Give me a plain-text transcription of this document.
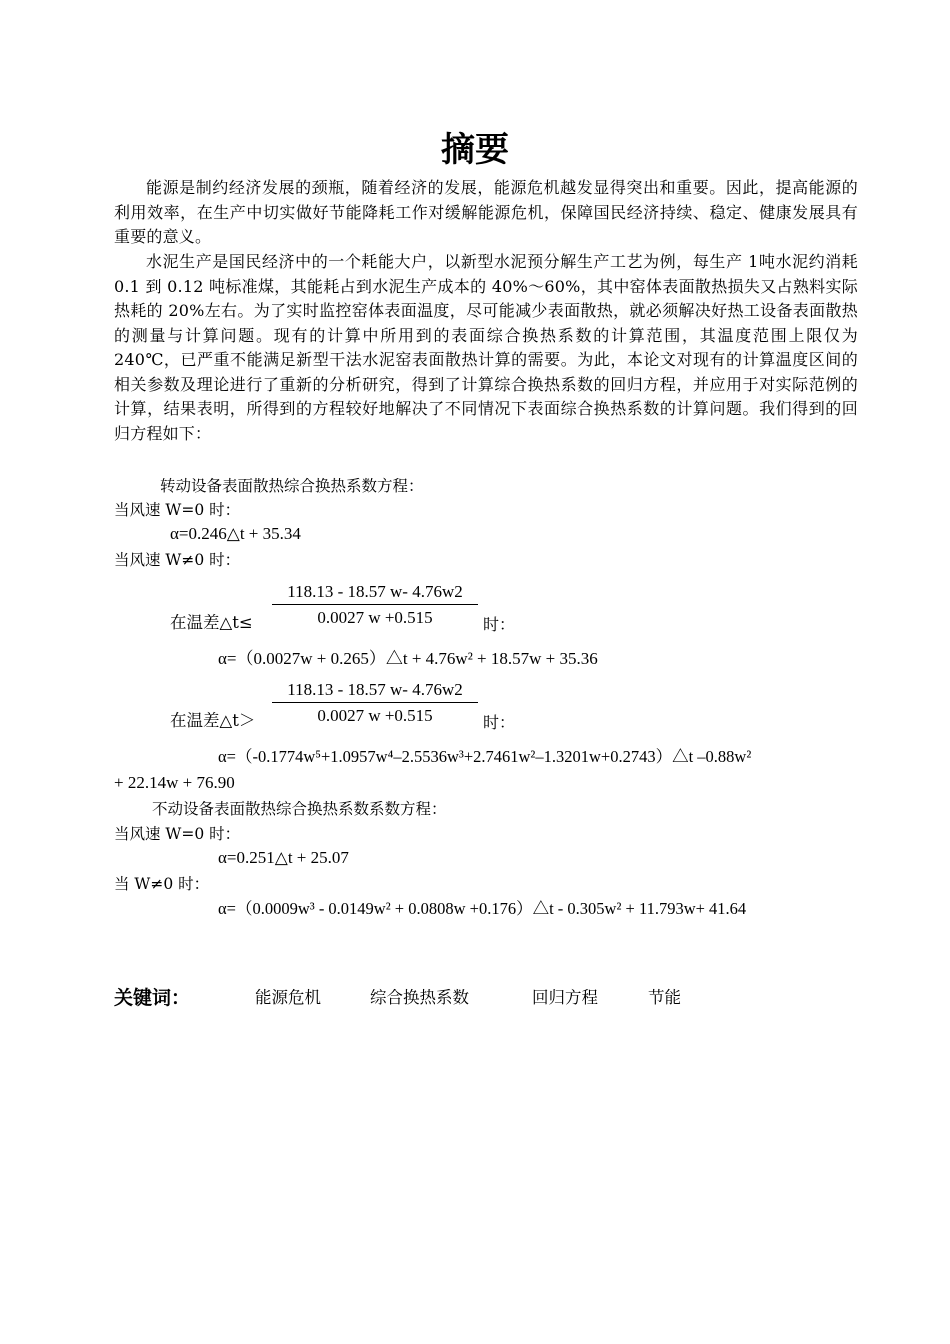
摘要
能源是制约经济发展的颈瓶，随着经济的发展，能源危机越发显得突出和重要。因此，提高能源的利用效率，在生产中切实做好节能降耗工作对缓解能源危机，保障国民经济持续、稳定、健康发展具有重要的意义。
水泥生产是国民经济中的一个耗能大户，以新型水泥预分解生产工艺为例，每生产 1吨水泥约消耗 0.1 到 0.12 吨标准煤，其能耗占到水泥生产成本的 40%～60%，其中窑体表面散热损失又占熟料实际热耗的 20%左右。为了实时监控窑体表面温度，尽可能减少表面散热，就必须解决好热工设备表面散热的测量与计算问题。现有的计算中所用到的表面综合换热系数的计算范围，其温度范围上限仅为 240℃，已严重不能满足新型干法水泥窑表面散热计算的需要。为此，本论文对现有的计算温度区间的相关参数及理论进行了重新的分析研究，得到了计算综合换热系数的回归方程，并应用于对实际范例的计算，结果表明，所得到的方程较好地解决了不同情况下表面综合换热系数的计算问题。我们得到的回归方程如下：
转动设备表面散热综合换热系数方程：
当风速 W=0 时：
α=0.246△t + 35.34
当风速 W≠0 时：
$\frac{118.13 - 18.57 w- 4.76w2}{0.0027 w +0.515}$
在温差△t≤	时：
α=（0.0027w + 0.265）△t + 4.76w² + 18.57w + 35.36
$\frac{118.13 - 18.57 w- 4.76w2}{0.0027 w +0.515}$
在温差△t＞	时：
α=（-0.1774w⁵+1.0957w⁴–2.5536w³+2.7461w²–1.3201w+0.2743）△t –0.88w²
+ 22.14w + 76.90
不动设备表面散热综合换热系数系数方程：
当风速 W=0 时：
α=0.251△t + 25.07
当 W≠0 时：
α=（0.0009w³ - 0.0149w² + 0.0808w +0.176）△t - 0.305w² + 11.793w+ 41.64
关键词：	能源危机	综合换热系数	回归方程	节能
